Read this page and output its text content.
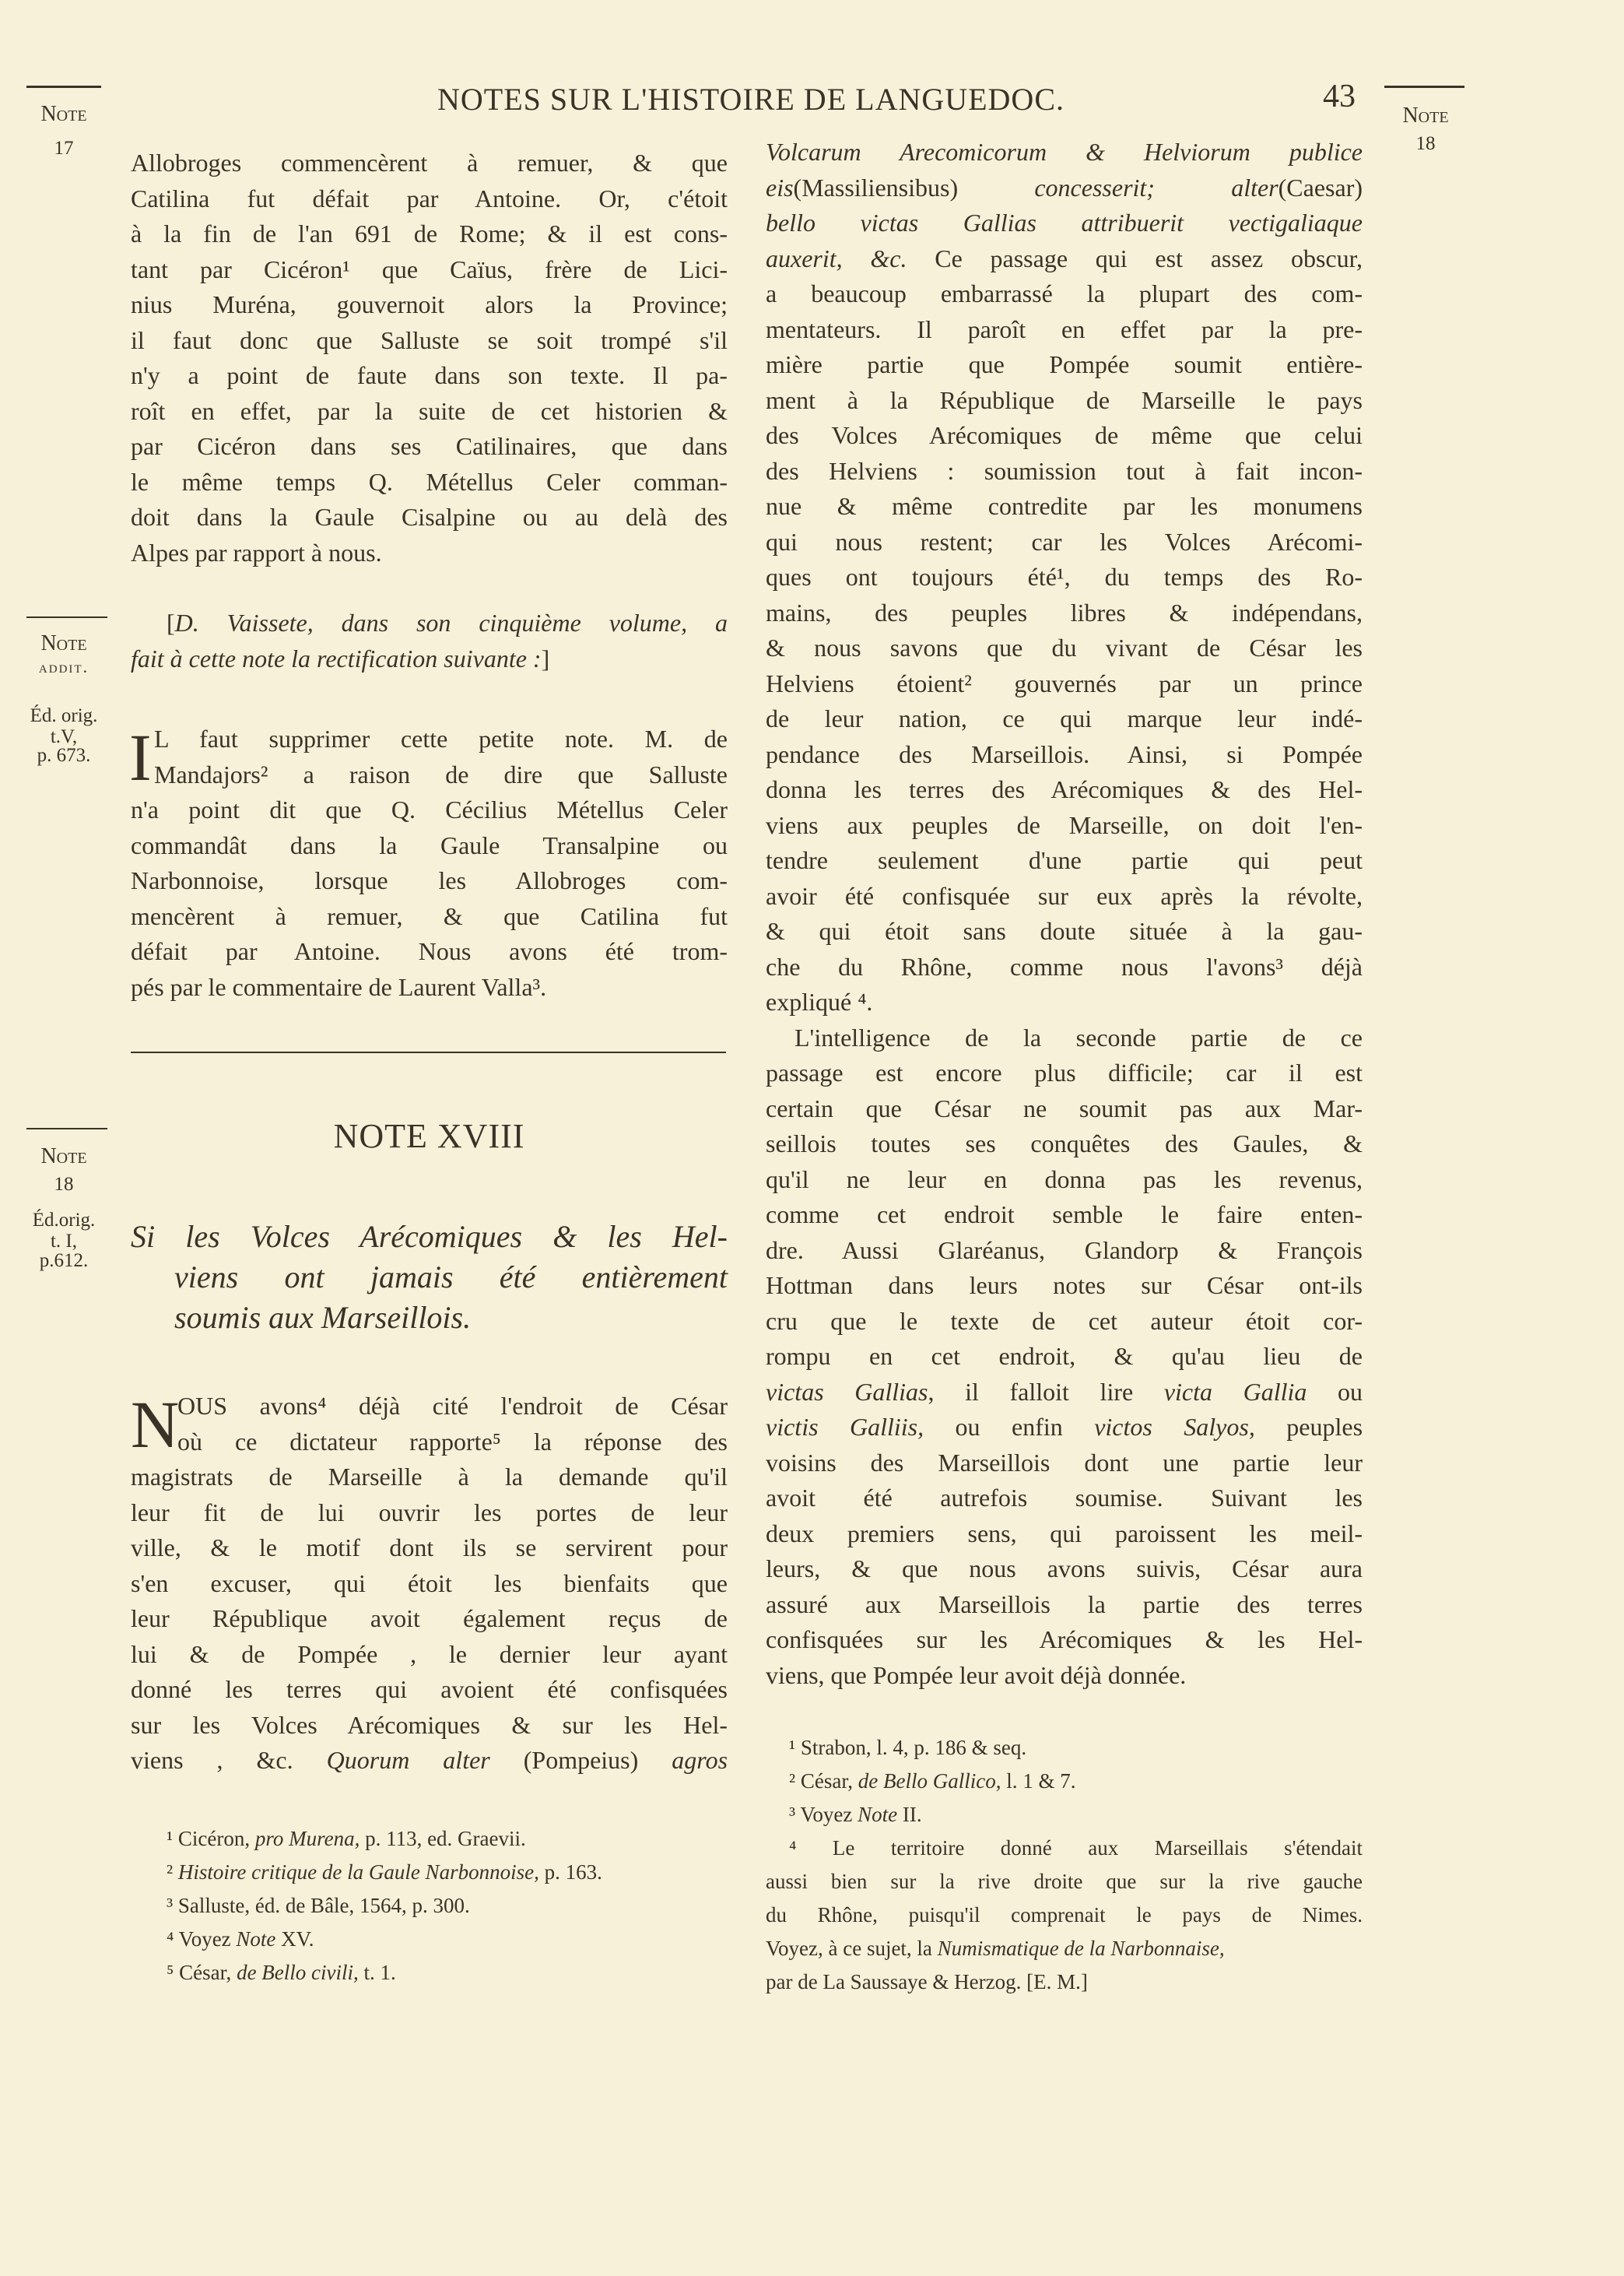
NOTES SUR L'HISTOIRE DE LANGUEDOC.	43
Note
17
Note
18
Note
addit.
Éd. orig.
t.V,
p. 673.
Note
18
Éd.orig.
t. I,
p.612.
Allobroges commencèrent à remuer, & que
Catilina fut défait par Antoine. Or, c'étoit
à la fin de l'an 691 de Rome; & il est cons-
tant par Cicéron¹ que Caïus, frère de Lici-
nius Muréna, gouvernoit alors la Province;
il faut donc que Salluste se soit trompé s'il
n'y a point de faute dans son texte. Il pa-
roît en effet, par la suite de cet historien &
par Cicéron dans ses Catilinaires, que dans
le même temps Q. Métellus Celer comman-
doit dans la Gaule Cisalpine ou au delà des
Alpes par rapport à nous.
[D. Vaissete, dans son cinquième volume, a
fait à cette note la rectification suivante :]
I L faut supprimer cette petite note. M. de
Mandajors² a raison de dire que Salluste
n'a point dit que Q. Cécilius Métellus Celer
commandât dans la Gaule Transalpine ou
Narbonnoise, lorsque les Allobroges com-
mencèrent à remuer, & que Catilina fut
défait par Antoine. Nous avons été trom-
pés par le commentaire de Laurent Valla³.
NOTE XVIII
Si les Volces Arécomiques & les Hel-
viens ont jamais été entièrement
soumis aux Marseillois.
N
OUS avons⁴ déjà cité l'endroit de César
où ce dictateur rapporte⁵ la réponse des
magistrats de Marseille à la demande qu'il
leur fit de lui ouvrir les portes de leur
ville, & le motif dont ils se servirent pour
s'en excuser, qui étoit les bienfaits que
leur République avoit également reçus de
lui & de Pompée , le dernier leur ayant
donné les terres qui avoient été confisquées
sur les Volces Arécomiques & sur les Hel-
viens , &c. Quorum alter (Pompeius) agros
¹ Cicéron, pro Murena, p. 113, ed. Graevii.
² Histoire critique de la Gaule Narbonnoise, p. 163.
³ Salluste, éd. de Bâle, 1564, p. 300.
⁴ Voyez Note XV.
⁵ César, de Bello civili, t. 1.
Volcarum Arecomicorum & Helviorum publice
eis(Massiliensibus) concesserit; alter(Caesar)
bello victas Gallias attribuerit vectigaliaque
auxerit, &c. Ce passage qui est assez obscur,
a beaucoup embarrassé la plupart des com-
mentateurs. Il paroît en effet par la pre-
mière partie que Pompée soumit entière-
ment à la République de Marseille le pays
des Volces Arécomiques de même que celui
des Helviens : soumission tout à fait incon-
nue & même contredite par les monumens
qui nous restent; car les Volces Arécomi-
ques ont toujours été¹, du temps des Ro-
mains, des peuples libres & indépendans,
& nous savons que du vivant de César les
Helviens étoient² gouvernés par un prince
de leur nation, ce qui marque leur indé-
pendance des Marseillois. Ainsi, si Pompée
donna les terres des Arécomiques & des Hel-
viens aux peuples de Marseille, on doit l'en-
tendre seulement d'une partie qui peut
avoir été confisquée sur eux après la révolte,
& qui étoit sans doute située à la gau-
che du Rhône, comme nous l'avons³ déjà
expliqué ⁴.
L'intelligence de la seconde partie de ce
passage est encore plus difficile; car il est
certain que César ne soumit pas aux Mar-
seillois toutes ses conquêtes des Gaules, &
qu'il ne leur en donna pas les revenus,
comme cet endroit semble le faire enten-
dre. Aussi Glaréanus, Glandorp & François
Hottman dans leurs notes sur César ont-ils
cru que le texte de cet auteur étoit cor-
rompu en cet endroit, & qu'au lieu de
victas Gallias, il falloit lire victa Gallia ou
victis Galliis, ou enfin victos Salyos, peuples
voisins des Marseillois dont une partie leur
avoit été autrefois soumise. Suivant les
deux premiers sens, qui paroissent les meil-
leurs, & que nous avons suivis, César aura
assuré aux Marseillois la partie des terres
confisquées sur les Arécomiques & les Hel-
viens, que Pompée leur avoit déjà donnée.
¹ Strabon, l. 4, p. 186 & seq.
² César, de Bello Gallico, l. 1 & 7.
³ Voyez Note II.
⁴ Le territoire donné aux Marseillais s'étendait
aussi bien sur la rive droite que sur la rive gauche
du Rhône, puisqu'il comprenait le pays de Nimes.
Voyez, à ce sujet, la Numismatique de la Narbonnaise,
par de La Saussaye & Herzog. [E. M.]
